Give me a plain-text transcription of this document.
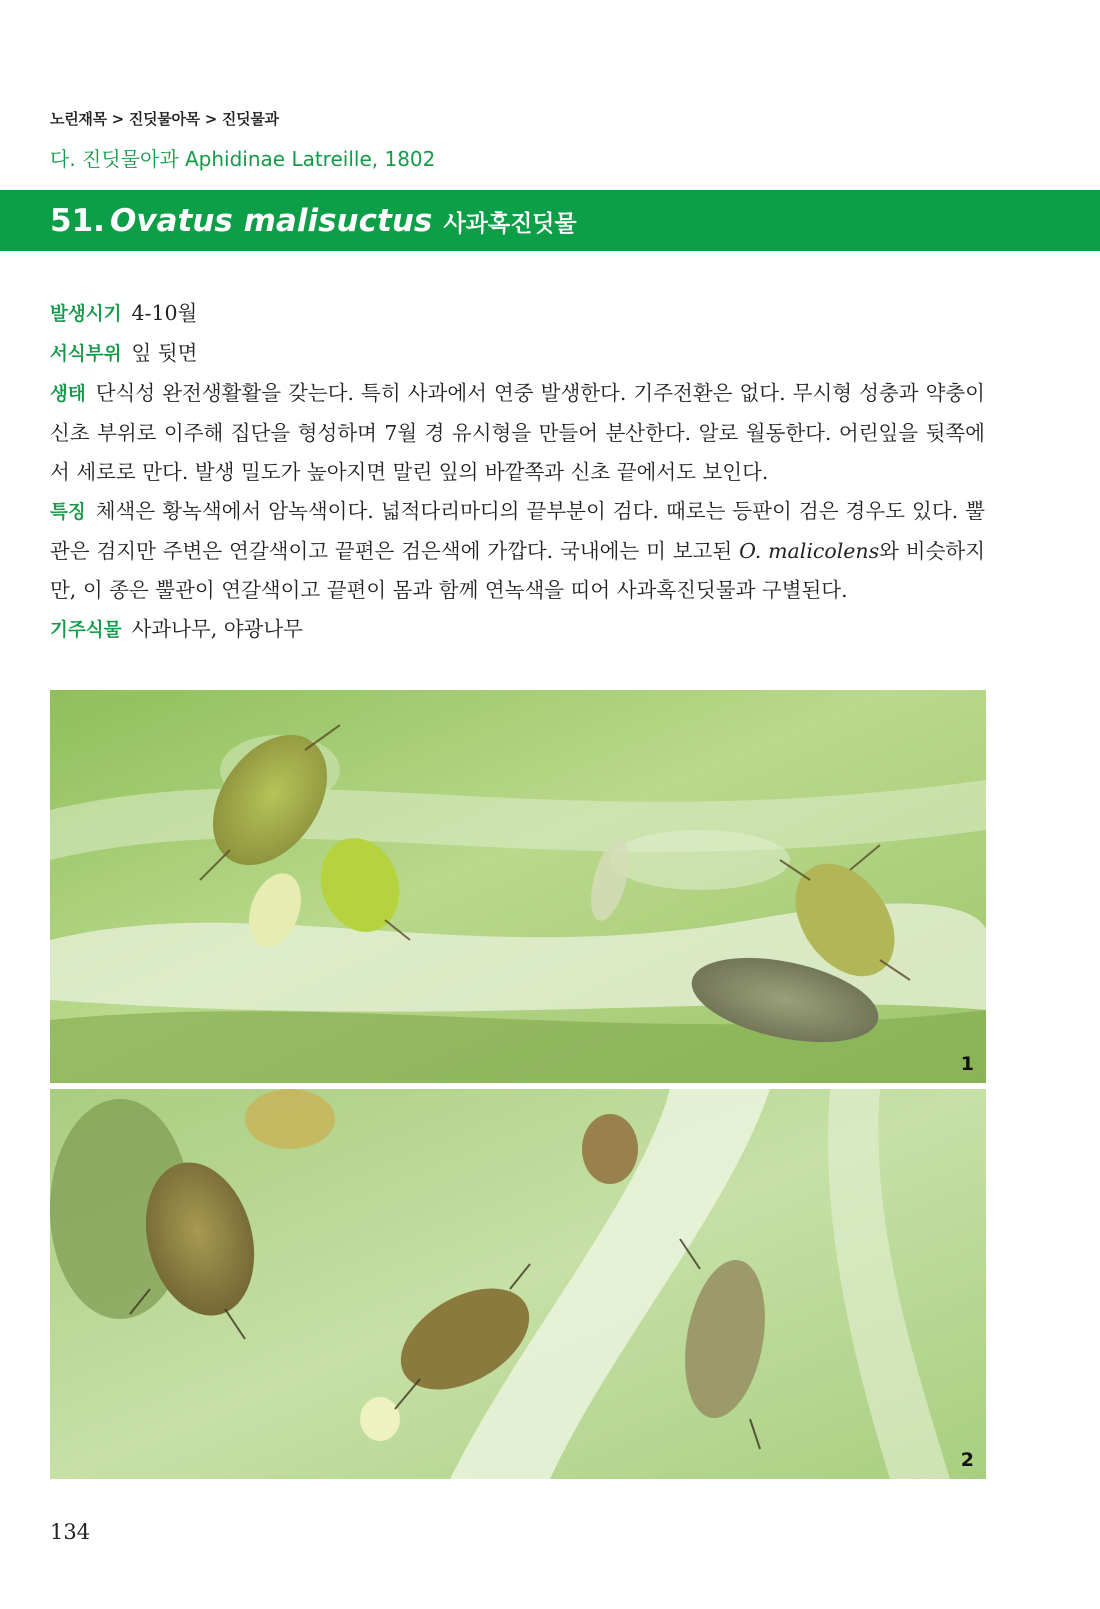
노린재목 > 진딧물아목 > 진딧물과
다. 진딧물아과 Aphidinae Latreille, 1802
51. Ovatus malisuctus 사과혹진딧물

발생시기 4-10월

서식부위 잎 뒷면

생태 단식성 완전생활활을 갖는다. 특히 사과에서 연중 발생한다. 기주전환은 없다. 무시형 성충과 약충이 신초 부위로 이주해 집단을 형성하며 7월 경 유시형을 만들어 분산한다. 알로 월동한다. 어린잎을 뒷쪽에서 세로로 만다. 발생 밀도가 높아지면 말린 잎의 바깥쪽과 신초 끝에서도 보인다.

특징 체색은 황녹색에서 암녹색이다. 넓적다리마디의 끝부분이 검다. 때로는 등판이 검은 경우도 있다. 뿔관은 검지만 주변은 연갈색이고 끝편은 검은색에 가깝다. 국내에는 미 보고된 O. malicolens와 비슷하지만, 이 종은 뿔관이 연갈색이고 끝편이 몸과 함께 연녹색을 띠어 사과혹진딧물과 구별된다.

기주식물 사과나무, 야광나무

1
2
134
